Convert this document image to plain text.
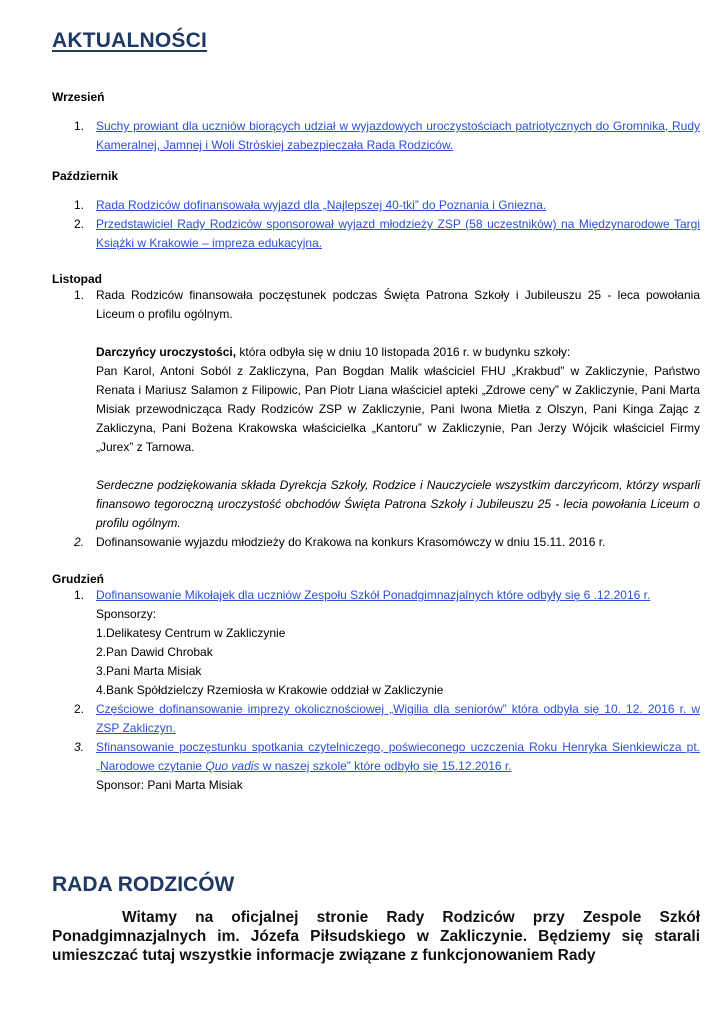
AKTUALNOŚCI

Wrzesień

1. Suchy prowiant dla uczniów biorących udział w wyjazdowych uroczystościach patriotycznych do Gromnika, Rudy Kameralnej, Jamnej i Woli Stróskiej zabezpieczała Rada Rodziców.

Październik

1. Rada Rodziców dofinansowała wyjazd dla „Najlepszej 40-tki” do Poznania i Gniezna.
2. Przedstawiciel Rady Rodziców sponsorował wyjazd młodzieży ZSP (58 uczestników) na Międzynarodowe Targi Książki w Krakowie – impreza edukacyjna.

Listopad

1. Rada Rodziców finansowała poczęstunek podczas Święta Patrona Szkoły i Jubileuszu 25 - leca powołania Liceum o profilu ogólnym.
Darczyńcy uroczystości, która odbyła się w dniu 10 listopada 2016 r. w budynku szkoły:
Pan Karol, Antoni Soból z Zakliczyna, Pan Bogdan Malik właściciel FHU „Krakbud” w Zakliczynie, Państwo Renata i Mariusz Salamon z Filipowic, Pan Piotr Liana właściciel apteki „Zdrowe ceny” w Zakliczynie, Pani Marta Misiak przewodnicząca Rady Rodziców ZSP w Zakliczynie, Pani Iwona Mietła z Olszyn, Pani Kinga Zając z Zakliczyna, Pani Bożena Krakowska właścicielka „Kantoru” w Zakliczynie, Pan Jerzy Wójcik właściciel Firmy „Jurex” z Tarnowa.
Serdeczne podziękowania składa Dyrekcja Szkoły, Rodzice i Nauczyciele wszystkim darczyńcom, którzy wsparli finansowo tegoroczną uroczystość obchodów Święta Patrona Szkoły i Jubileuszu 25 - lecia powołania Liceum o profilu ogólnym.
2. Dofinansowanie wyjazdu młodzieży do Krakowa na konkurs Krasomówczy w dniu 15.11. 2016 r.

Grudzień

1. Dofinansowanie Mikołajek dla uczniów Zespołu Szkół Ponadgimnazjalnych które odbyły się 6 .12.2016 r.
Sponsorzy:
1.Delikatesy Centrum w Zakliczynie
2.Pan Dawid Chrobak
3.Pani Marta Misiak
4.Bank Spółdzielczy Rzemiosła w Krakowie oddział w Zakliczynie
2. Częściowe dofinansowanie imprezy okolicznościowej „Wigilia dla seniorów” która odbyła się 10. 12. 2016 r. w ZSP Zakliczyn.
3. Sfinansowanie poczęstunku spotkania czytelniczego, poświeconego uczczenia Roku Henryka Sienkiewicza pt. „Narodowe czytanie Quo vadis w naszej szkole” które odbyło się 15.12.2016 r.
Sponsor: Pani Marta Misiak
RADA RODZICÓW
Witamy na oficjalnej stronie Rady Rodziców przy Zespole Szkół Ponadgimnazjalnych im. Józefa Piłsudskiego w Zakliczynie. Będziemy się starali umieszczać tutaj wszystkie informacje związane z funkcjonowaniem Rady
